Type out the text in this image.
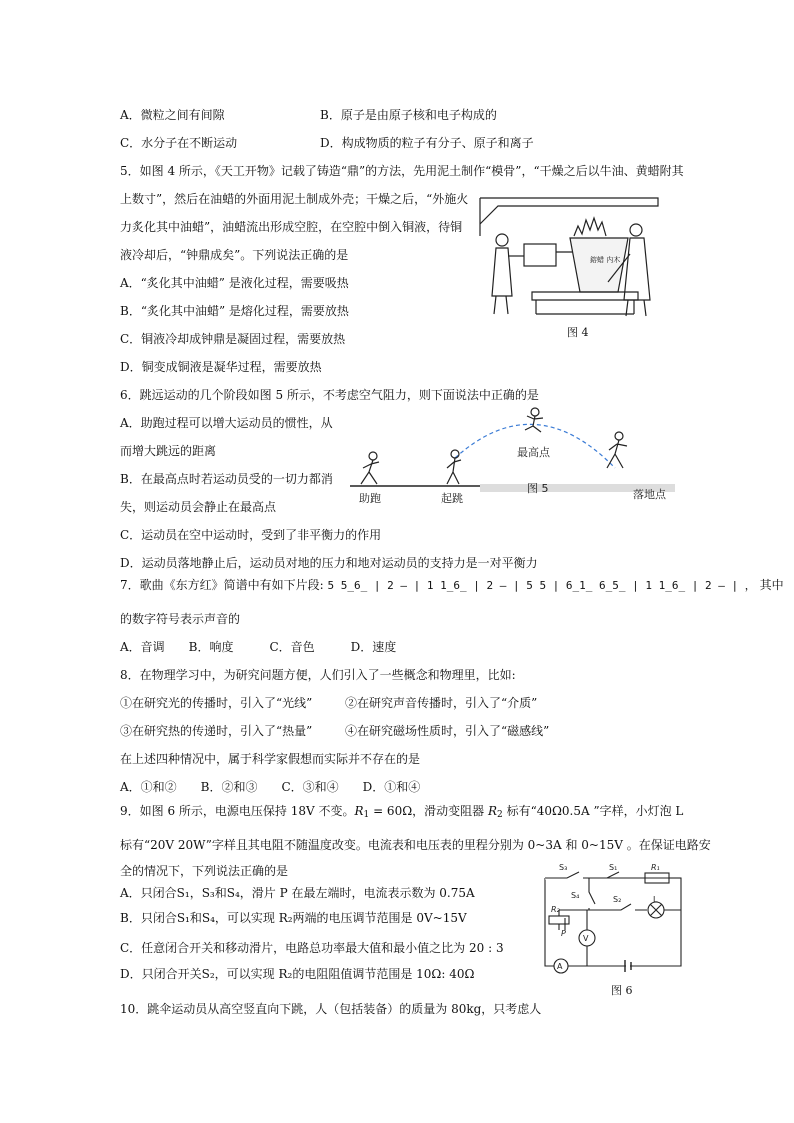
A．微粒之间有间隙	B．原子是由原子核和电子构成的
C．水分子在不断运动	D．构成物质的粒子有分子、原子和离子
5．如图 4 所示，《天工开物》记载了铸造“鼎”的方法，先用泥土制作“模骨”，“干燥之后以牛油、黄蜡附其
上数寸”，然后在油蜡的外面用泥土制成外壳；干燥之后，“外施火
力炙化其中油蜡”，油蜡流出形成空腔，在空腔中倒入铜液，待铜
液冷却后，“钟鼎成矣”。下列说法正确的是
A．“炙化其中油蜡” 是液化过程，需要吸热
B．“炙化其中油蜡” 是熔化过程，需要放热
C．铜液冷却成钟鼎是凝固过程，需要放热
D．铜变成铜液是凝华过程，需要放热
鎔蜡 内木
图 4
6．跳远运动的几个阶段如图 5 所示，不考虑空气阻力，则下面说法中正确的是
A．助跑过程可以增大运动员的惯性，从
而增大跳远的距离
B．在最高点时若运动员受的一切力都消
失，则运动员会静止在最高点
C．运动员在空中运动时，受到了非平衡力的作用
D．运动员落地静止后，运动员对地的压力和地对运动员的支持力是一对平衡力
助跑	起跳
最高点
落地点
图 5
7．歌曲《东方红》简谱中有如下片段: 5 5̲6̲ | 2 – | 1 1̲6̲ | 2 – | 5 5 | 6̲1̲ 6̲5̲ | 1 1̲6̲ | 2 – | ， 其中
的数字符号表示声音的
A．音调　　B．响度　　　C．音色　　　D．速度
8．在物理学习中，为研究问题方便，人们引入了一些概念和物理里，比如:
①在研究光的传播时，引入了“光线”	②在研究声音传播时，引入了“介质”
③在研究热的传递时，引入了“热量”	④在研究磁场性质时，引入了“磁感线”
在上述四种情况中，属于科学家假想而实际并不存在的是
A．①和②　　B．②和③　　C．③和④　　D．①和④
9．如图 6 所示，电源电压保持 18V 不变。$R_1 = 60\Omega$，滑动变阻器 $R_2$ 标有“40Ω0.5A ”字样，小灯泡 L
标有“20V 20W”字样且其电阻不随温度改变。电流表和电压表的里程分别为 0~3A 和 0~15V 。在保证电路安
全的情况下，下列说法正确的是
A．只闭合S₁，S₃和S₄，滑片 P 在最左端时，电流表示数为 0.75A
B．只闭合S₁和S₄，可以实现 R₂两端的电压调节范围是 0V~15V
C．任意闭合开关和移动滑片，电路总功率最大值和最小值之比为 20 : 3
D．只闭合开关S₂，可以实现 R₂的电阻阻值调节范围是 10Ω: 40Ω
S₃	S₁	R₁
S₄	S₂
R₂
P
L
V
A
图 6
10．跳伞运动员从高空竖直向下跳，人（包括装备）的质量为 80kg，只考虑人
